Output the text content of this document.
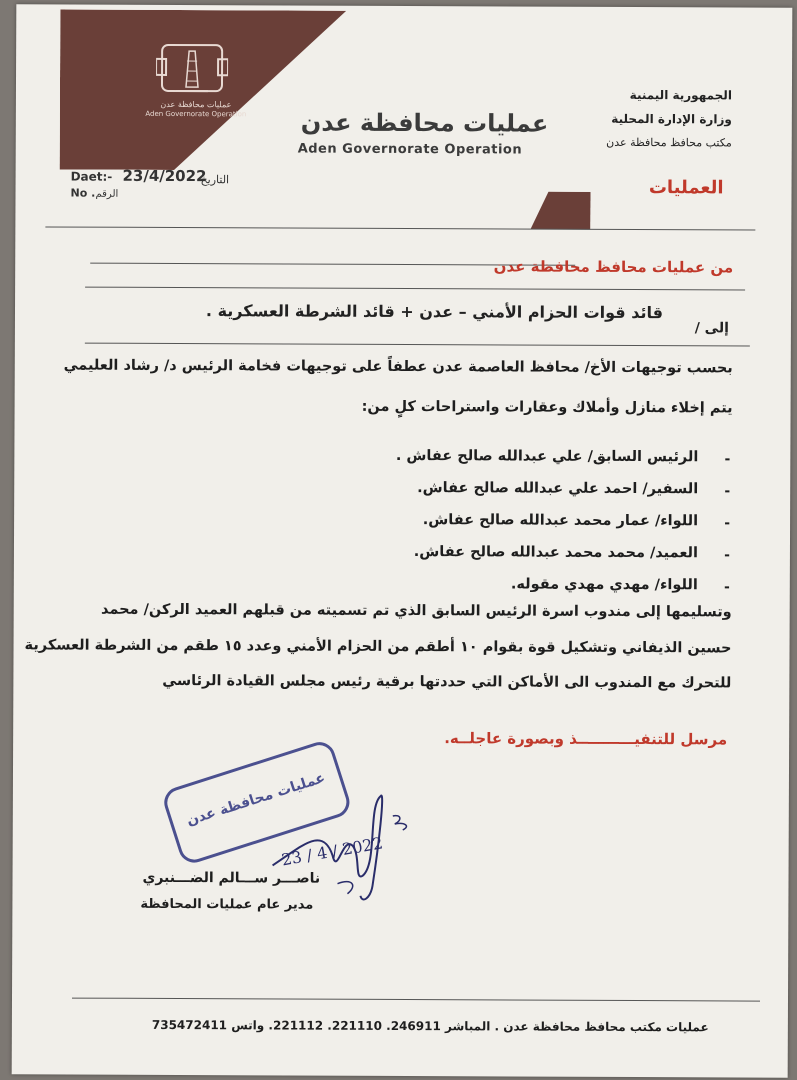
عمليات محافظة عدن
Aden Governorate Operation	عمليات محافظة عدن
Aden Governorate Operation
الجمهورية اليمنية
وزارة الإدارة المحلية
مكتب محافظ محافظة عدن
العمليات
Daet:- 23/4/2022
التاريخ
No . الرقم
من عمليات محافظ محافظة عدن
إلى /
قائد قوات الحزام الأمني – عدن + قائد الشرطة العسكرية .
بحسب توجيهات الأخ/ محافظ العاصمة عدن عطفاً على توجيهات فخامة الرئيس د/ رشاد العليمي
يتم إخلاء منازل وأملاك وعقارات واستراحات كلٍ من:
-
الرئيس السابق/ علي عبدالله صالح عفاش .
-
السفير/ احمد علي عبدالله صالح عفاش.
-
اللواء/ عمار محمد عبدالله صالح عفاش.
-
العميد/ محمد محمد عبدالله صالح عفاش.
-
اللواء/ مهدي مهدي مقوله.
وتسليمها إلى مندوب اسرة الرئيس السابق الذي تم تسميته من قبلهم العميد الركن/ محمد
حسين الذيفاني وتشكيل قوة بقوام ١٠ أطقم من الحزام الأمني وعدد ١٥ طقم من الشرطة العسكرية
للتحرك مع المندوب الى الأماكن التي حددتها برقية رئيس مجلس القيادة الرئاسي
مرسل للتنفيـــــــــــذ وبصورة عاجلــه.
عمليات محافظة عدن
23 / 4 / 2022
ناصـــر ســـالم الضـــنبري
مدير عام عمليات المحافظة
عمليات مكتب محافظ محافظة عدن . المباشر 246911. 221110. 221112. واتس 735472411
